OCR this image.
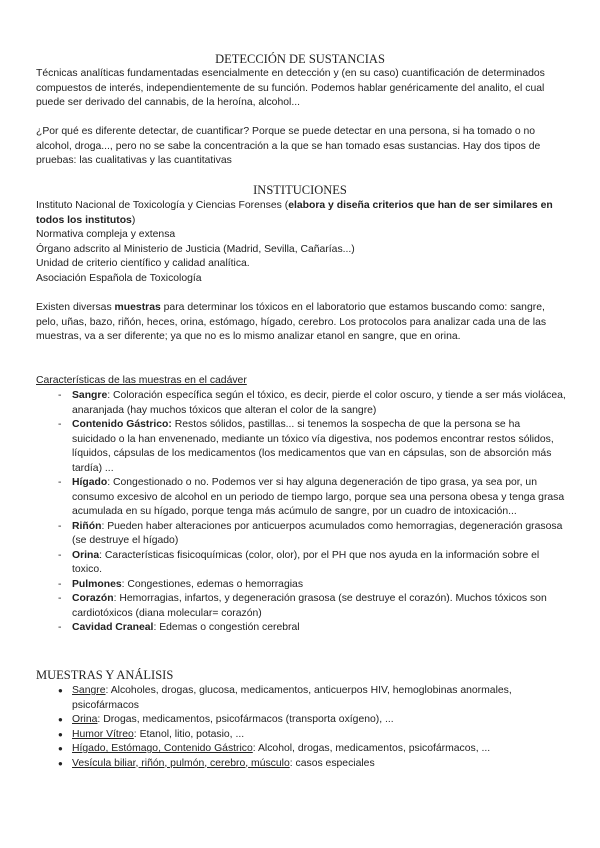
DETECCIÓN DE SUSTANCIAS
Técnicas analíticas fundamentadas esencialmente en detección y (en su caso) cuantificación de determinados compuestos de interés, independientemente de su función. Podemos hablar genéricamente del analito, el cual puede ser derivado del cannabis, de la heroína, alcohol...
¿Por qué es diferente detectar, de cuantificar? Porque se puede detectar en una persona, si ha tomado o no alcohol, droga..., pero no se sabe la concentración a la que se han tomado esas sustancias. Hay dos tipos de pruebas: las cualitativas y las cuantitativas
INSTITUCIONES
Instituto Nacional de Toxicología y Ciencias Forenses (elabora y diseña criterios que han de ser similares en todos los institutos)
Normativa compleja y extensa
Órgano adscrito al Ministerio de Justicia (Madrid, Sevilla, Cañarías...)
Unidad de criterio científico y calidad analítica.
Asociación Española de Toxicología
Existen diversas muestras para determinar los tóxicos en el laboratorio que estamos buscando como: sangre, pelo, uñas, bazo, riñón, heces, orina, estómago, hígado, cerebro. Los protocolos para analizar cada una de las muestras, va a ser diferente; ya que no es lo mismo analizar etanol en sangre, que en orina.
Características de las muestras en el cadáver
- Sangre: Coloración específica según el tóxico, es decir, pierde el color oscuro, y tiende a ser más violácea, anaranjada (hay muchos tóxicos que alteran el color de la sangre)
- Contenido Gástrico: Restos sólidos, pastillas... si tenemos la sospecha de que la persona se ha suicidado o la han envenenado, mediante un tóxico vía digestiva, nos podemos encontrar restos sólidos, líquidos, cápsulas de los medicamentos (los medicamentos que van en cápsulas, son de absorción más tardía) ...
- Hígado: Congestionado o no. Podemos ver si hay alguna degeneración de tipo grasa, ya sea por, un consumo excesivo de alcohol en un periodo de tiempo largo, porque sea una persona obesa y tenga grasa acumulada en su hígado, porque tenga más acúmulo de sangre, por un cuadro de intoxicación...
- Riñón: Pueden haber alteraciones por anticuerpos acumulados como hemorragias, degeneración grasosa (se destruye el hígado)
- Orina: Características fisicoquímicas (color, olor), por el PH que nos ayuda en la información sobre el toxico.
- Pulmones: Congestiones, edemas o hemorragias
- Corazón: Hemorragias, infartos, y degeneración grasosa (se destruye el corazón). Muchos tóxicos son cardiotóxicos (diana molecular= corazón)
- Cavidad Craneal: Edemas o congestión cerebral
MUESTRAS Y ANÁLISIS
● Sangre: Alcoholes, drogas, glucosa, medicamentos, anticuerpos HIV, hemoglobinas anormales, psicofármacos
● Orina: Drogas, medicamentos, psicofármacos (transporta oxígeno), ...
● Humor Vítreo: Etanol, litio, potasio, ...
● Hígado, Estómago, Contenido Gástrico: Alcohol, drogas, medicamentos, psicofármacos, ...
● Vesícula biliar, riñón, pulmón, cerebro, músculo: casos especiales
